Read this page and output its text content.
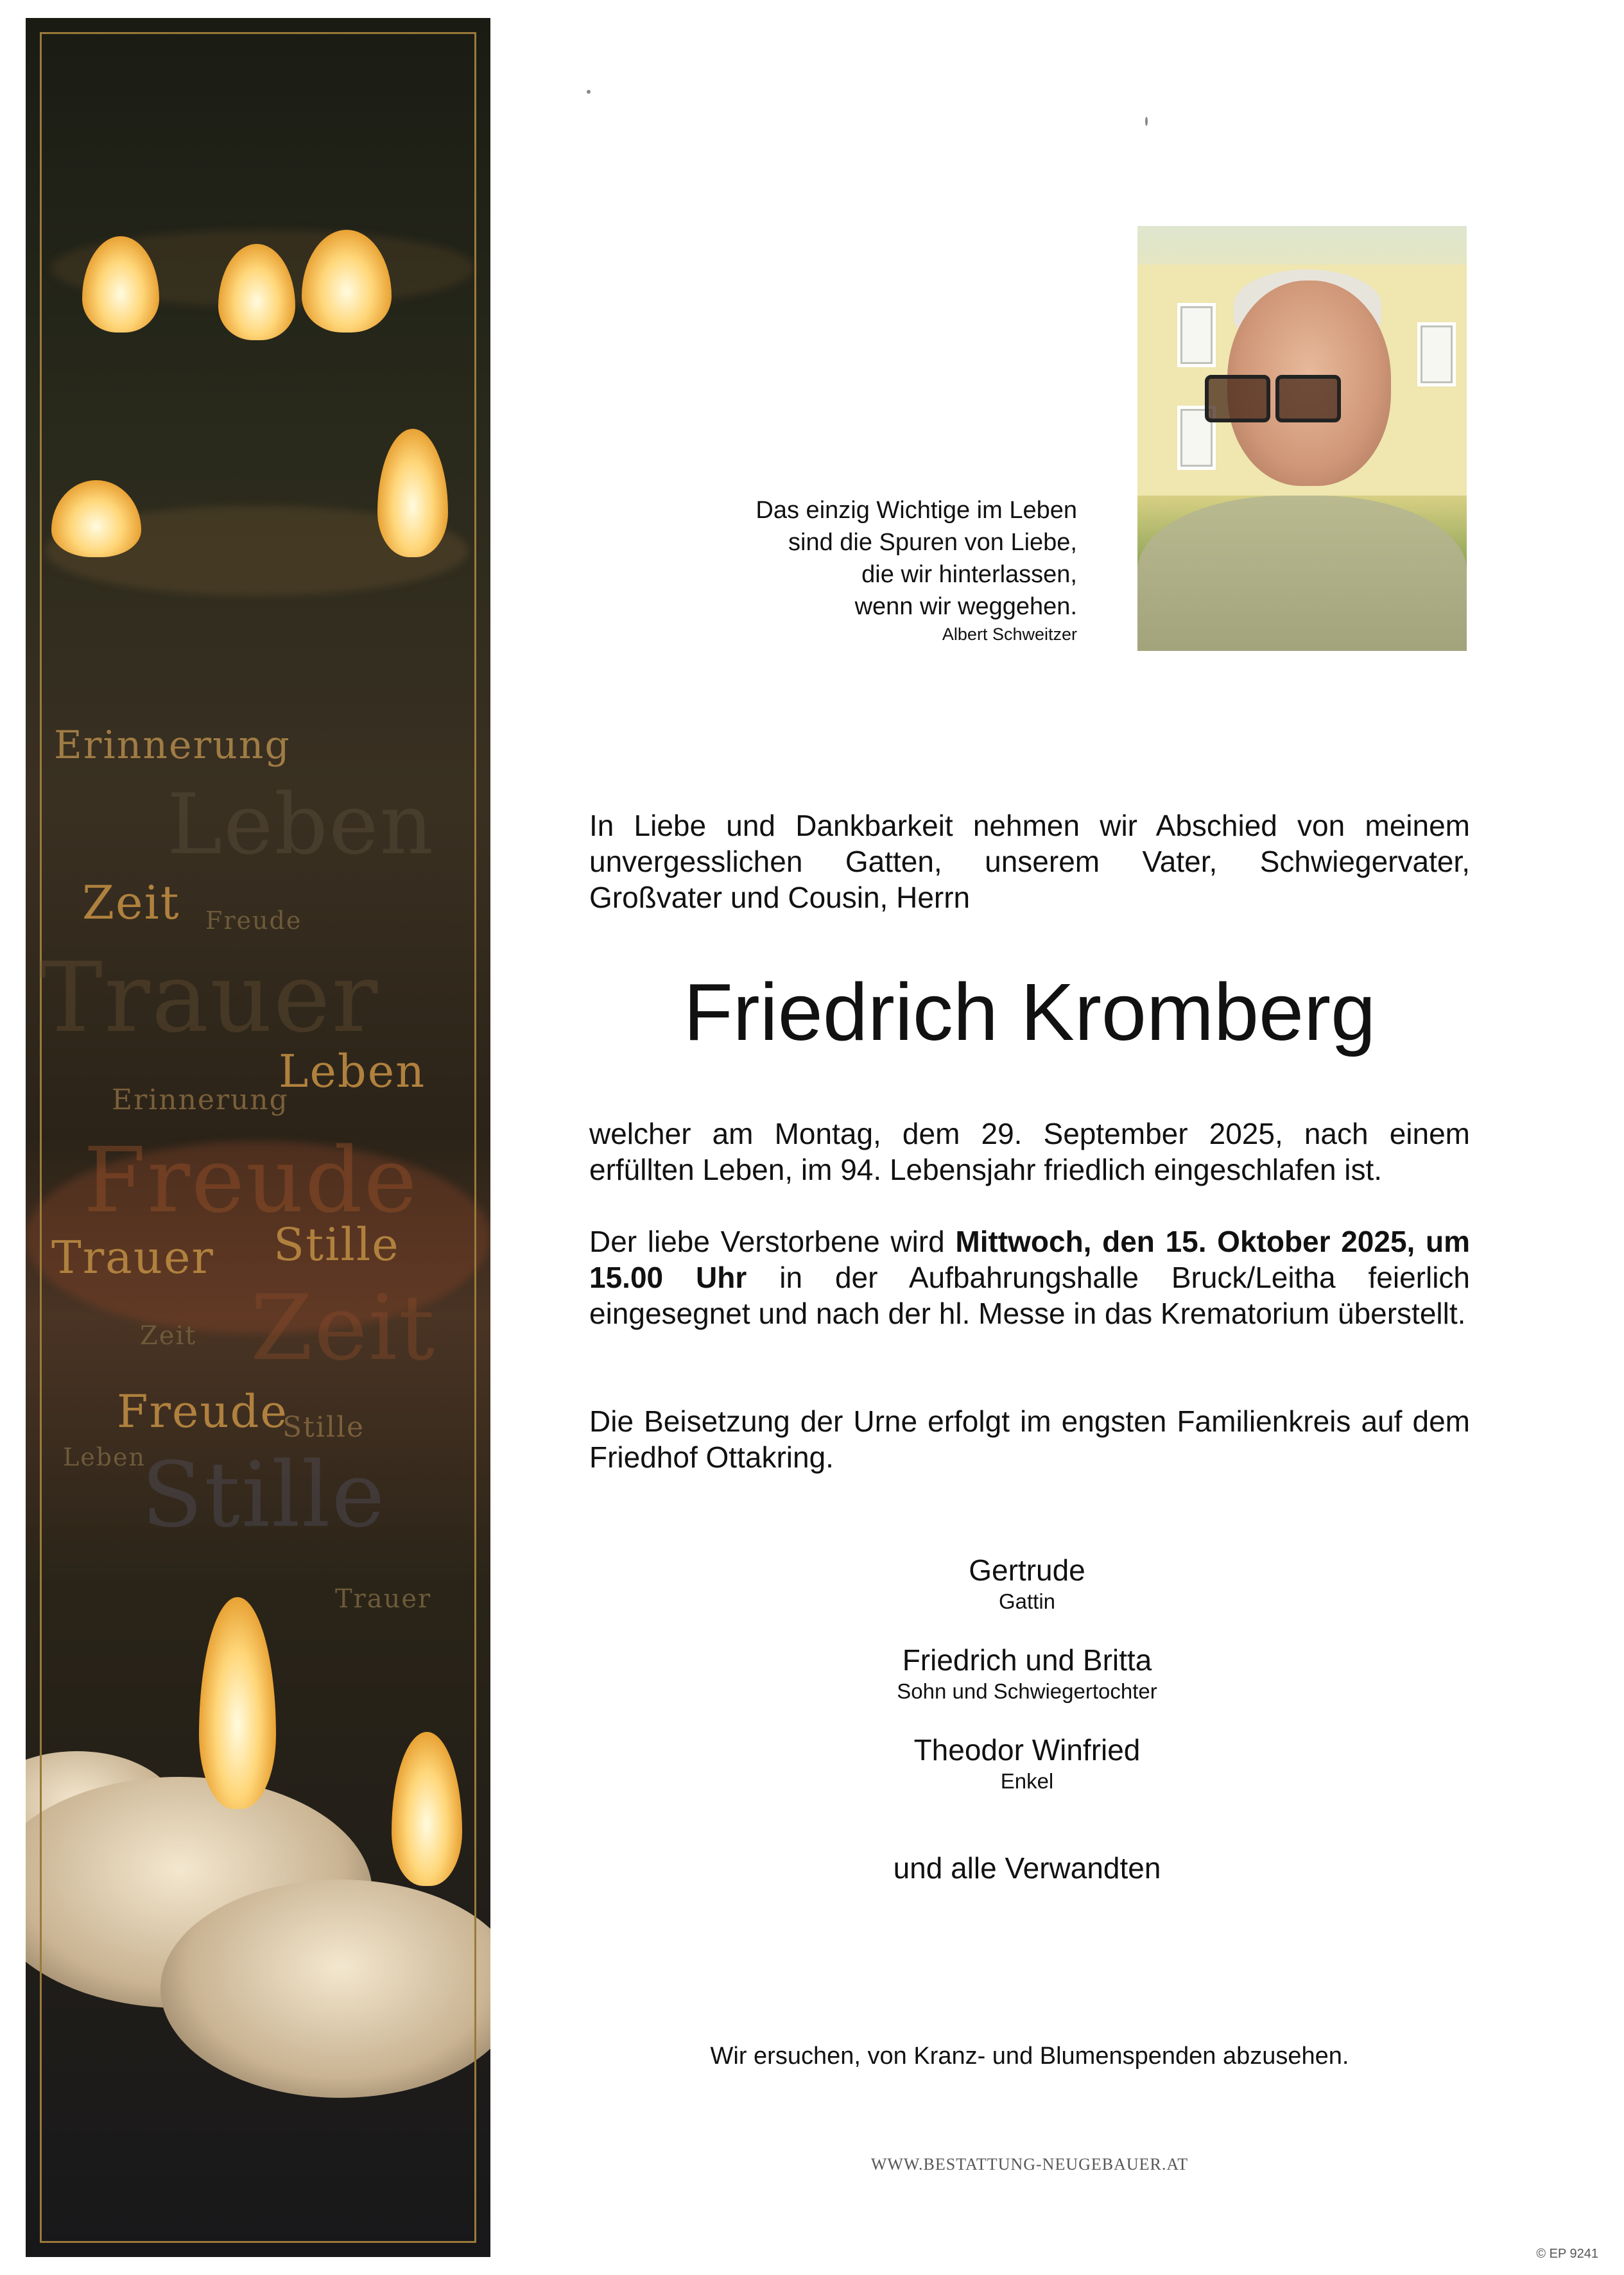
Erinnerung
Leben
Zeit Freude
Trauer
Leben
Erinnerung
Freude
Trauer Stille
Zeit Zeit
Freude
Stille
Leben
Stille
Trauer
Das einzig Wichtige im Leben
sind die Spuren von Liebe,
die wir hinterlassen,
wenn wir weggehen.
Albert Schweitzer
In Liebe und Dankbarkeit nehmen wir Abschied von meinem unvergesslichen Gatten, unserem Vater, Schwiegervater, Großvater und Cousin, Herrn
Friedrich Kromberg
welcher am Montag, dem 29. September 2025, nach einem erfüllten Leben, im 94. Lebensjahr friedlich eingeschlafen ist.
Der liebe Verstorbene wird Mittwoch, den 15. Oktober 2025, um 15.00 Uhr in der Aufbahrungshalle Bruck/Leitha feierlich eingesegnet und nach der hl. Messe in das Krematorium überstellt.
Die Beisetzung der Urne erfolgt im engsten Familienkreis auf dem Friedhof Ottakring.
Gertrude
Gattin
Friedrich und Britta
Sohn und Schwiegertochter
Theodor Winfried
Enkel
und alle Verwandten
Wir ersuchen, von Kranz- und Blumenspenden abzusehen.
WWW.BESTATTUNG-NEUGEBAUER.AT
© EP 9241
